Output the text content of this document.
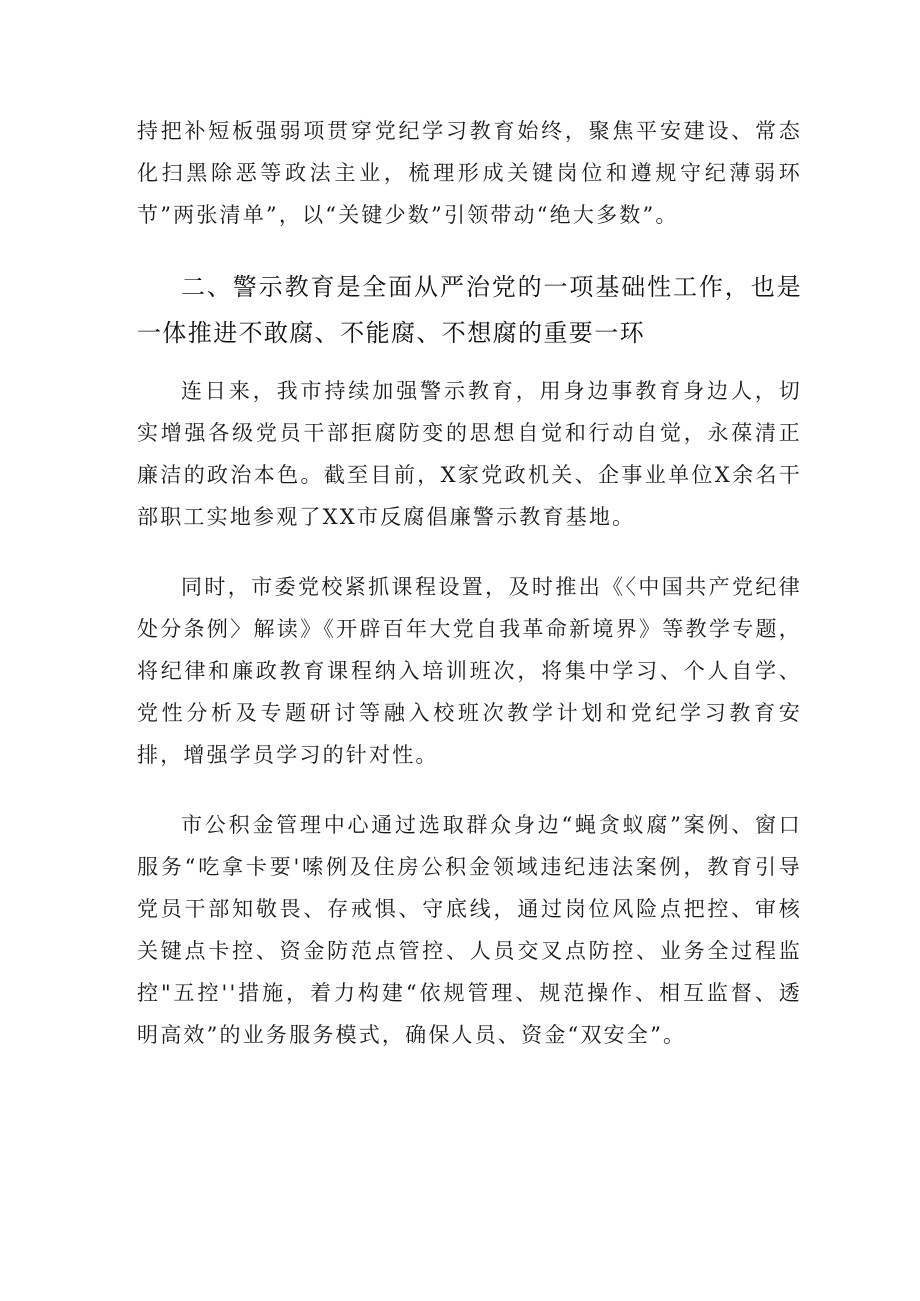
持把补短板强弱项贯穿党纪学习教育始终，聚焦平安建设、常态化扫黑除恶等政法主业，梳理形成关键岗位和遵规守纪薄弱环节”两张清单”，以“关键少数”引领带动“绝大多数”。

二、警示教育是全面从严治党的一项基础性工作，也是一体推进不敢腐、不能腐、不想腐的重要一环

连日来，我市持续加强警示教育，用身边事教育身边人，切实增强各级党员干部拒腐防变的思想自觉和行动自觉，永葆清正廉洁的政治本色。截至目前，X家党政机关、企事业单位X余名干部职工实地参观了XX市反腐倡廉警示教育基地。

同时，市委党校紧抓课程设置，及时推出《〈中国共产党纪律处分条例〉解读》《开辟百年大党自我革命新境界》等教学专题，将纪律和廉政教育课程纳入培训班次，将集中学习、个人自学、党性分析及专题研讨等融入校班次教学计划和党纪学习教育安排，增强学员学习的针对性。

市公积金管理中心通过选取群众身边“蝇贪蚁腐”案例、窗口服务“吃拿卡要'嗦例及住房公积金领域违纪违法案例，教育引导党员干部知敬畏、存戒惧、守底线，通过岗位风险点把控、审核关键点卡控、资金防范点管控、人员交叉点防控、业务全过程监控"五控''措施，着力构建“依规管理、规范操作、相互监督、透明高效”的业务服务模式，确保人员、资金“双安全”。
